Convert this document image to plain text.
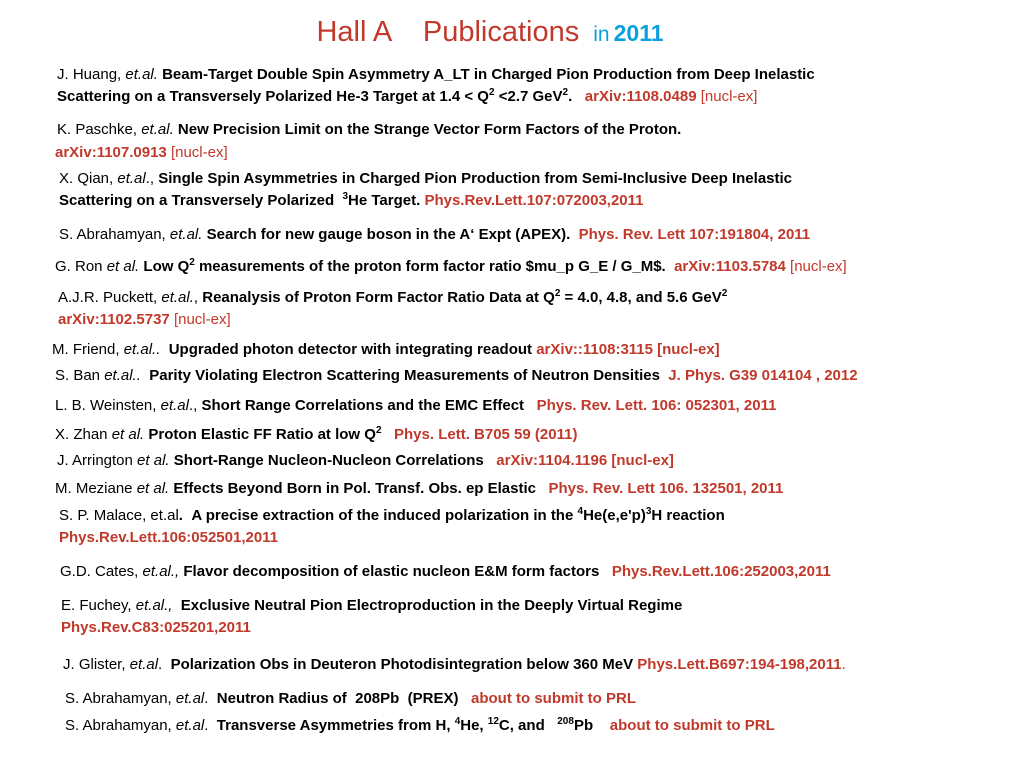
Hall A    Publications in 2011
J. Huang, et.al. Beam-Target Double Spin Asymmetry A_LT in Charged Pion Production from Deep Inelastic
Scattering on a Transversely Polarized He-3 Target at $1.4 < Q^2 <2.7$ GeV$^2$. arXiv:1108.0489 [nucl-ex]
K. Paschke, et.al. New Precision Limit on the Strange Vector Form Factors of the Proton.
arXiv:1107.0913 [nucl-ex]
X. Qian, et.al., Single Spin Asymmetries in Charged Pion Production from Semi-Inclusive Deep Inelastic
Scattering on a Transversely Polarized $^3$He Target. Phys.Rev.Lett.107:072003,2011
S. Abrahamyan, et.al. Search for new gauge boson in the A‘ Expt (APEX). Phys. Rev. Lett 107:191804, 2011
G. Ron et al. Low $Q^2$ measurements of the proton form factor ratio $mu_p G_E / G_M$. arXiv:1103.5784 [nucl-ex]
A.J.R. Puckett, et.al., Reanalysis of Proton Form Factor Ratio Data at $Q^2 = 4.0$, 4.8, and 5.6 GeV$^2$
arXiv:1102.5737 [nucl-ex]
M. Friend, et.al.. Upgraded photon detector with integrating readout arXiv::1108:3115 [nucl-ex]
S. Ban et.al.. Parity Violating Electron Scattering Measurements of Neutron Densities J. Phys. G39 014104 , 2012
L. B. Weinsten, et.al., Short Range Correlations and the EMC Effect Phys. Rev. Lett. 106: 052301, 2011
X. Zhan et al. Proton Elastic FF Ratio at low $Q^2$ Phys. Lett. B705 59 (2011)
J. Arrington et al. Short-Range Nucleon-Nucleon Correlations arXiv:1104.1196 [nucl-ex]
M. Meziane et al. Effects Beyond Born in Pol. Transf. Obs. ep Elastic Phys. Rev. Lett 106. 132501, 2011
S. P. Malace, et.al. A precise extraction of the induced polarization in the $^4He(e,e'p)^3H$ reaction
Phys.Rev.Lett.106:052501,2011
G.D. Cates, et.al., Flavor decomposition of elastic nucleon E&M form factors Phys.Rev.Lett.106:252003,2011
E. Fuchey, et.al., Exclusive Neutral Pion Electroproduction in the Deeply Virtual Regime
Phys.Rev.C83:025201,2011
J. Glister, et.al. Polarization Obs in Deuteron Photodisintegration below 360 MeV Phys.Lett.B697:194-198,2011.
S. Abrahamyan, et.al. Neutron Radius of  208Pb  (PREX) about to submit to PRL
S. Abrahamyan, et.al. Transverse Asymmetries from H, $^4$He, $^{12}$C, and $^{208}$Pb about to submit to PRL
